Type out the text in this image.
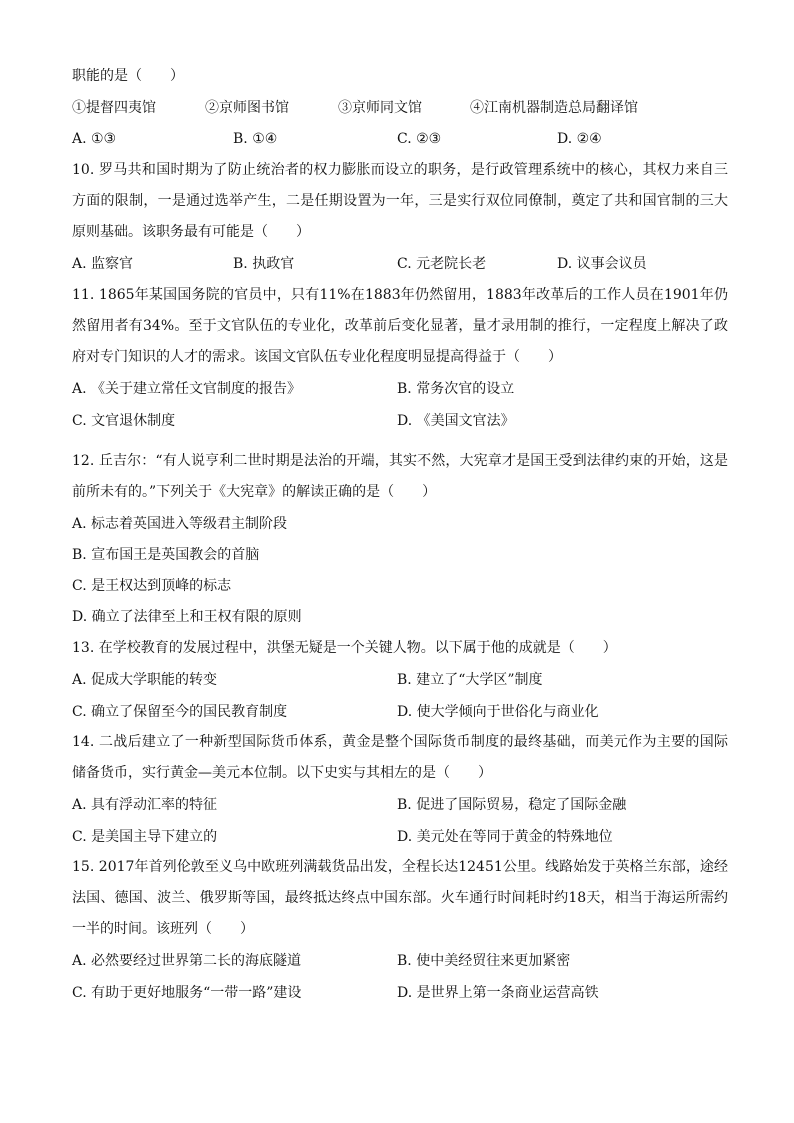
职能的是（　　）
①提督四夷馆	②京师图书馆	③京师同文馆	④江南机器制造总局翻译馆
A. ①③	B. ①④	C. ②③	D. ②④
10. 罗马共和国时期为了防止统治者的权力膨胀而设立的职务，是行政管理系统中的核心，其权力来自三方面的限制，一是通过选举产生，二是任期设置为一年，三是实行双位同僚制，奠定了共和国官制的三大原则基础。该职务最有可能是（　　）
A. 监察官	B. 执政官	C. 元老院长老	D. 议事会议员
11. 1865年某国国务院的官员中，只有11%在1883年仍然留用，1883年改革后的工作人员在1901年仍然留用者有34%。至于文官队伍的专业化，改革前后变化显著，量才录用制的推行，一定程度上解决了政府对专门知识的人才的需求。该国文官队伍专业化程度明显提高得益于（　　）
A. 《关于建立常任文官制度的报告》	B. 常务次官的设立
C. 文官退休制度	D. 《美国文官法》
12. 丘吉尔：“有人说亨利二世时期是法治的开端，其实不然，大宪章才是国王受到法律约束的开始，这是前所未有的。”下列关于《大宪章》的解读正确的是（　　）
A. 标志着英国进入等级君主制阶段
B. 宣布国王是英国教会的首脑
C. 是王权达到顶峰的标志
D. 确立了法律至上和王权有限的原则
13. 在学校教育的发展过程中，洪堡无疑是一个关键人物。以下属于他的成就是（　　）
A. 促成大学职能的转变	B. 建立了“大学区”制度
C. 确立了保留至今的国民教育制度	D. 使大学倾向于世俗化与商业化
14. 二战后建立了一种新型国际货币体系，黄金是整个国际货币制度的最终基础，而美元作为主要的国际储备货币，实行黄金—美元本位制。以下史实与其相左的是（　　）
A. 具有浮动汇率的特征	B. 促进了国际贸易，稳定了国际金融
C. 是美国主导下建立的	D. 美元处在等同于黄金的特殊地位
15. 2017年首列伦敦至义乌中欧班列满载货品出发，全程长达12451公里。线路始发于英格兰东部，途经法国、德国、波兰、俄罗斯等国，最终抵达终点中国东部。火车通行时间耗时约18天，相当于海运所需约一半的时间。该班列（　　）
A. 必然要经过世界第二长的海底隧道	B. 使中美经贸往来更加紧密
C. 有助于更好地服务“一带一路”建设	D. 是世界上第一条商业运营高铁
